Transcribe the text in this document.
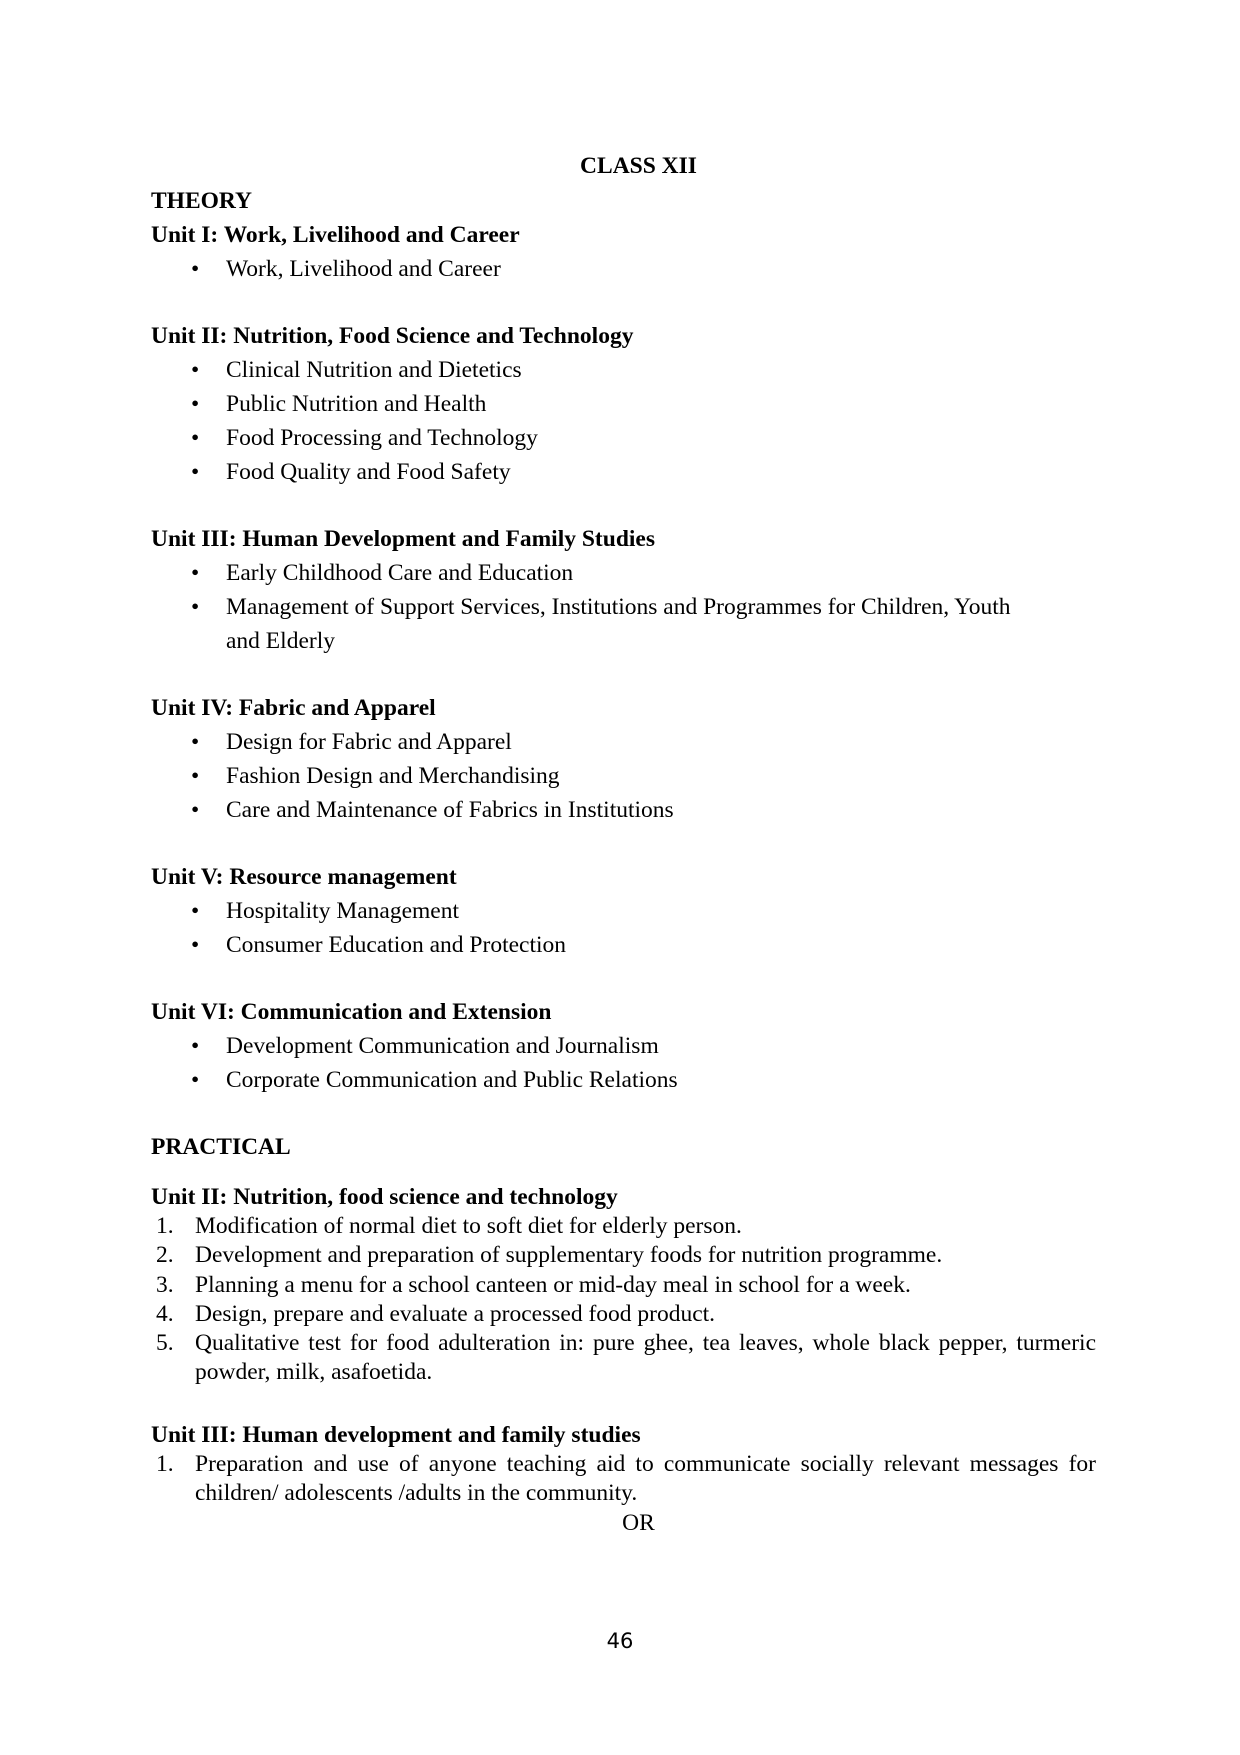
CLASS XII
THEORY
Unit I: Work, Livelihood and Career
• Work, Livelihood and Career
Unit II: Nutrition, Food Science and Technology
• Clinical Nutrition and Dietetics
• Public Nutrition and Health
• Food Processing and Technology
• Food Quality and Food Safety
Unit III: Human Development and Family Studies
• Early Childhood Care and Education
• Management of Support Services, Institutions and Programmes for Children, Youth and Elderly
Unit IV: Fabric and Apparel
• Design for Fabric and Apparel
• Fashion Design and Merchandising
• Care and Maintenance of Fabrics in Institutions
Unit V: Resource management
• Hospitality Management
• Consumer Education and Protection
Unit VI: Communication and Extension
• Development Communication and Journalism
• Corporate Communication and Public Relations
PRACTICAL
Unit II: Nutrition, food science and technology
1. Modification of normal diet to soft diet for elderly person.
2. Development and preparation of supplementary foods for nutrition programme.
3. Planning a menu for a school canteen or mid-day meal in school for a week.
4. Design, prepare and evaluate a processed food product.
5. Qualitative test for food adulteration in: pure ghee, tea leaves, whole black pepper, turmeric powder, milk, asafoetida.
Unit III: Human development and family studies
1. Preparation and use of anyone teaching aid to communicate socially relevant messages for children/ adolescents /adults in the community.
OR
46
